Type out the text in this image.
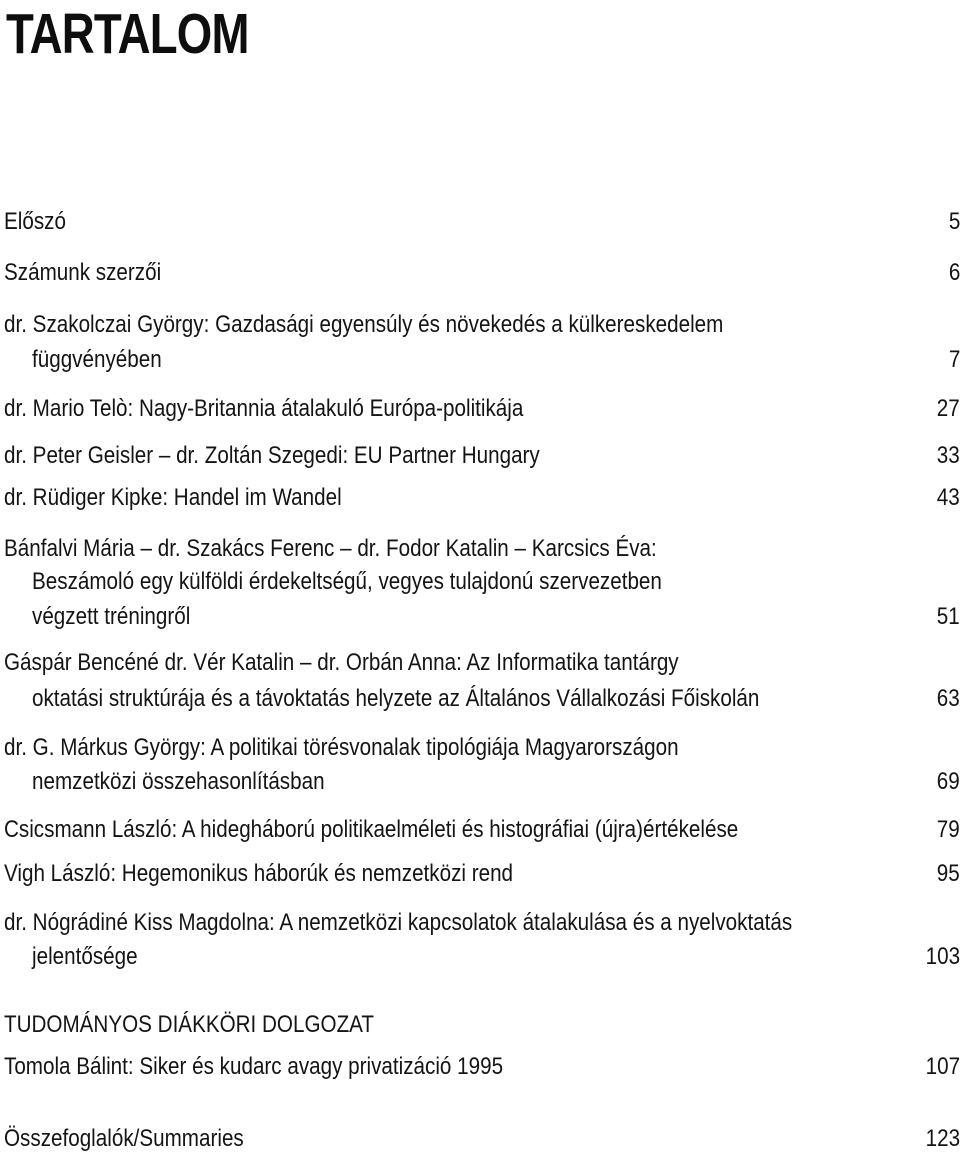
TARTALOM
Előszó	5
Számunk szerzői	6
dr. Szakolczai György: Gazdasági egyensúly és növekedés a külkereskedelem
függvényében	7
dr. Mario Telò: Nagy-Britannia átalakuló Európa-politikája	27
dr. Peter Geisler – dr. Zoltán Szegedi: EU Partner Hungary	33
dr. Rüdiger Kipke: Handel im Wandel	43
Bánfalvi Mária – dr. Szakács Ferenc – dr. Fodor Katalin – Karcsics Éva:
Beszámoló egy külföldi érdekeltségű, vegyes tulajdonú szervezetben
végzett tréningről	51
Gáspár Bencéné dr. Vér Katalin – dr. Orbán Anna: Az Informatika tantárgy
oktatási struktúrája és a távoktatás helyzete az Általános Vállalkozási Főiskolán	63
dr. G. Márkus György: A politikai törésvonalak tipológiája Magyarországon
nemzetközi összehasonlításban	69
Csicsmann László: A hidegháború politikaelméleti és histográfiai (újra)értékelése	79
Vigh László: Hegemonikus háborúk és nemzetközi rend	95
dr. Nógrádiné Kiss Magdolna: A nemzetközi kapcsolatok átalakulása és a nyelvoktatás
jelentősége	103
TUDOMÁNYOS DIÁKKÖRI DOLGOZAT
Tomola Bálint: Siker és kudarc avagy privatizáció 1995	107
Összefoglalók/Summaries	123
